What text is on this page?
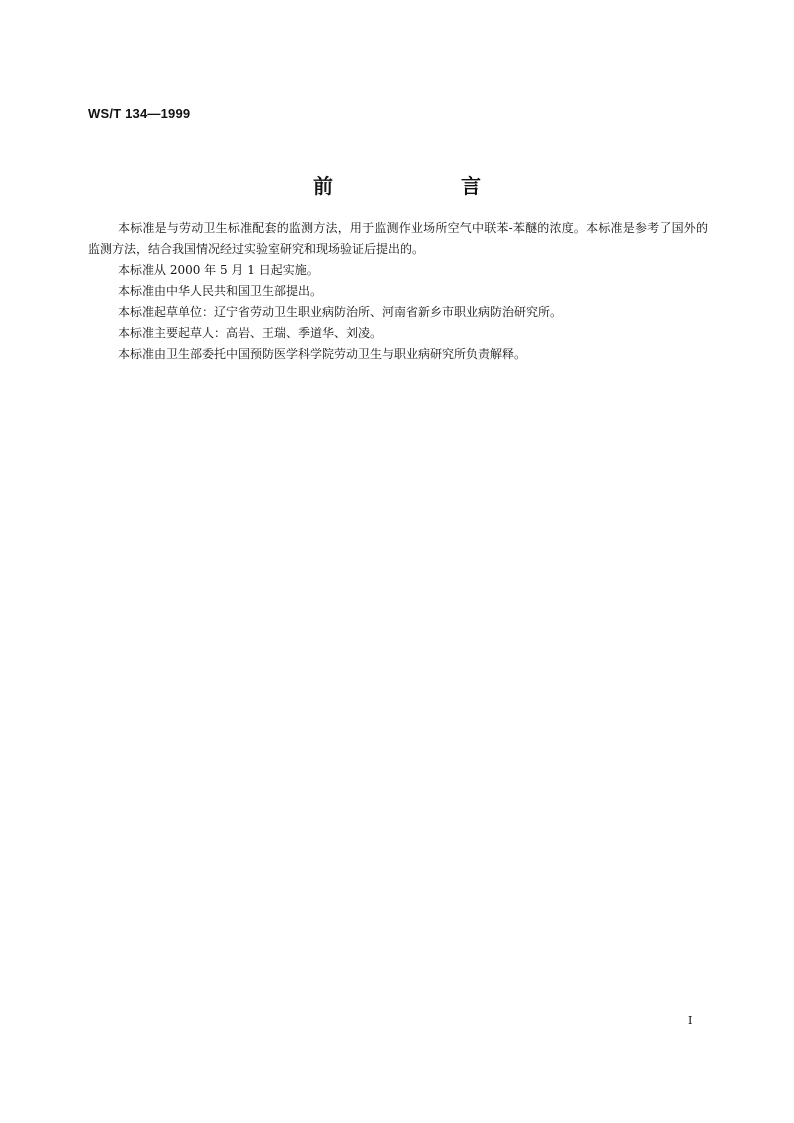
WS/T 134—1999
前　言

本标准是与劳动卫生标准配套的监测方法，用于监测作业场所空气中联苯-苯醚的浓度。本标准是参考了国外的监测方法，结合我国情况经过实验室研究和现场验证后提出的。

本标准从 2000 年 5 月 1 日起实施。

本标准由中华人民共和国卫生部提出。

本标准起草单位：辽宁省劳动卫生职业病防治所、河南省新乡市职业病防治研究所。

本标准主要起草人：高岩、王瑞、季道华、刘凌。

本标准由卫生部委托中国预防医学科学院劳动卫生与职业病研究所负责解释。

I
